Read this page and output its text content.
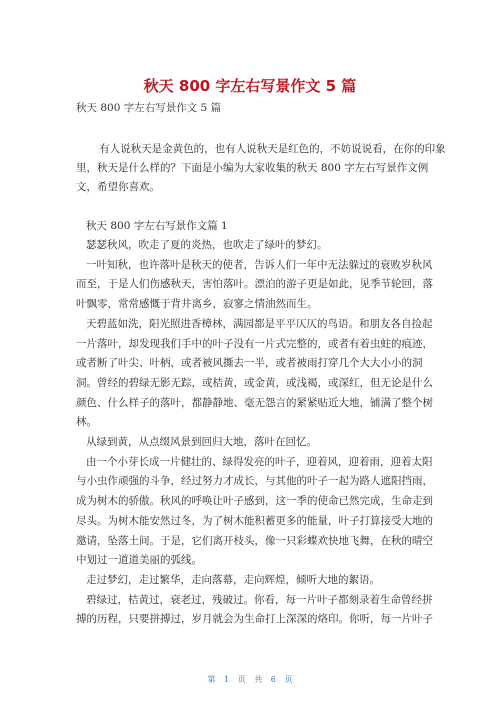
秋天 800 字左右写景作文 5 篇
秋天 800 字左右写景作文 5 篇
有人说秋天是金黄色的，也有人说秋天是红色的，不妨说说看，在你的印象
里，秋天是什么样的？下面是小编为大家收集的秋天 800 字左右写景作文例
文，希望你喜欢。
秋天 800 字左右写景作文篇 1
瑟瑟秋风，吹走了夏的炎热，也吹走了绿叶的梦幻。
一叶知秋，也许落叶是秋天的使者，告诉人们一年中无法躲过的衰败岁秋风
而至，于是人们伤感秋天，害怕落叶。漂泊的游子更是如此，见季节轮回，落
叶飘零，常常感慨于背井离乡，寂寥之情油然而生。
天碧蓝如洗，阳光照进香樟林，满园都是平平仄仄的鸟语。和朋友各自捡起
一片落叶，却发现我们手中的叶子没有一片式完整的，或者有着虫蛀的痕迹，
或者断了叶尖、叶柄，或者被风撕去一半，或者被雨打穿几个大大小小的洞
洞。曾经的碧绿无影无踪，或桔黄，或金黄，或浅褐，或深红，但无论是什么
颜色、什么样子的落叶，都静静地、毫无怨言的紧紧贴近大地，铺满了整个树
林。
从绿到黄，从点缀风景到回归大地，落叶在回忆。
由一个小芽长成一片健壮的、绿得发亮的叶子，迎着风，迎着雨，迎着太阳
与小虫作顽强的斗争，经过努力才成长，与其他的叶子一起为路人遮阳挡雨，
成为树木的骄傲。秋风的呼唤让叶子感到，这一季的使命已然完成，生命走到
尽头。为树木能安然过冬，为了树木能积蓄更多的能量，叶子打算接受大地的
邀请，坠落土间。于是，它们离开枝头，像一只彩蝶欢快地飞舞，在秋的晴空
中划过一道道美丽的弧线。
走过梦幻，走过繁华，走向落幕，走向辉煌，倾听大地的絮语。
碧绿过，桔黄过，衰老过，残破过。你看，每一片叶子都刻录着生命曾经拼
搏的历程，只要拼搏过，岁月就会为生命打上深深的烙印。你听，每一片叶子
第 1 页 共 6 页
